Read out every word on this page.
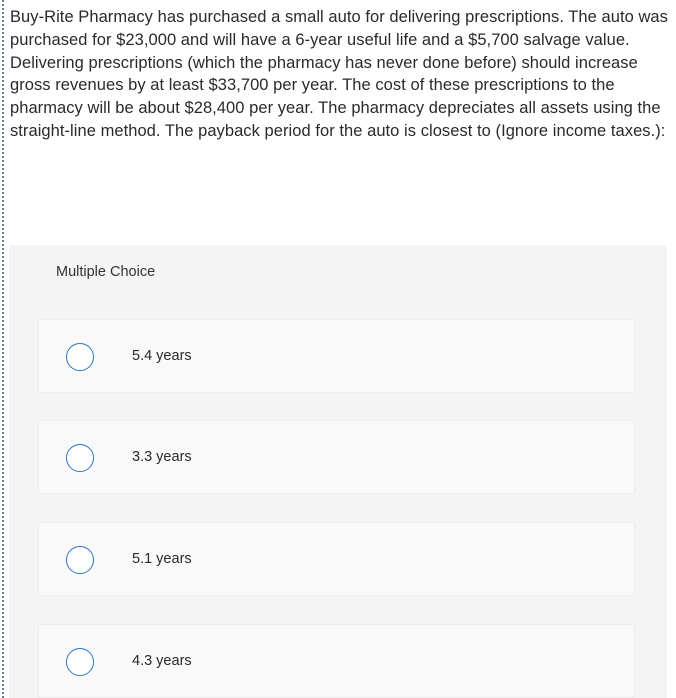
Buy-Rite Pharmacy has purchased a small auto for delivering prescriptions. The auto was purchased for $23,000 and will have a 6-year useful life and a $5,700 salvage value. Delivering prescriptions (which the pharmacy has never done before) should increase gross revenues by at least $33,700 per year. The cost of these prescriptions to the pharmacy will be about $28,400 per year. The pharmacy depreciates all assets using the straight-line method. The payback period for the auto is closest to (Ignore income taxes.):
Multiple Choice
5.4 years
3.3 years
5.1 years
4.3 years
